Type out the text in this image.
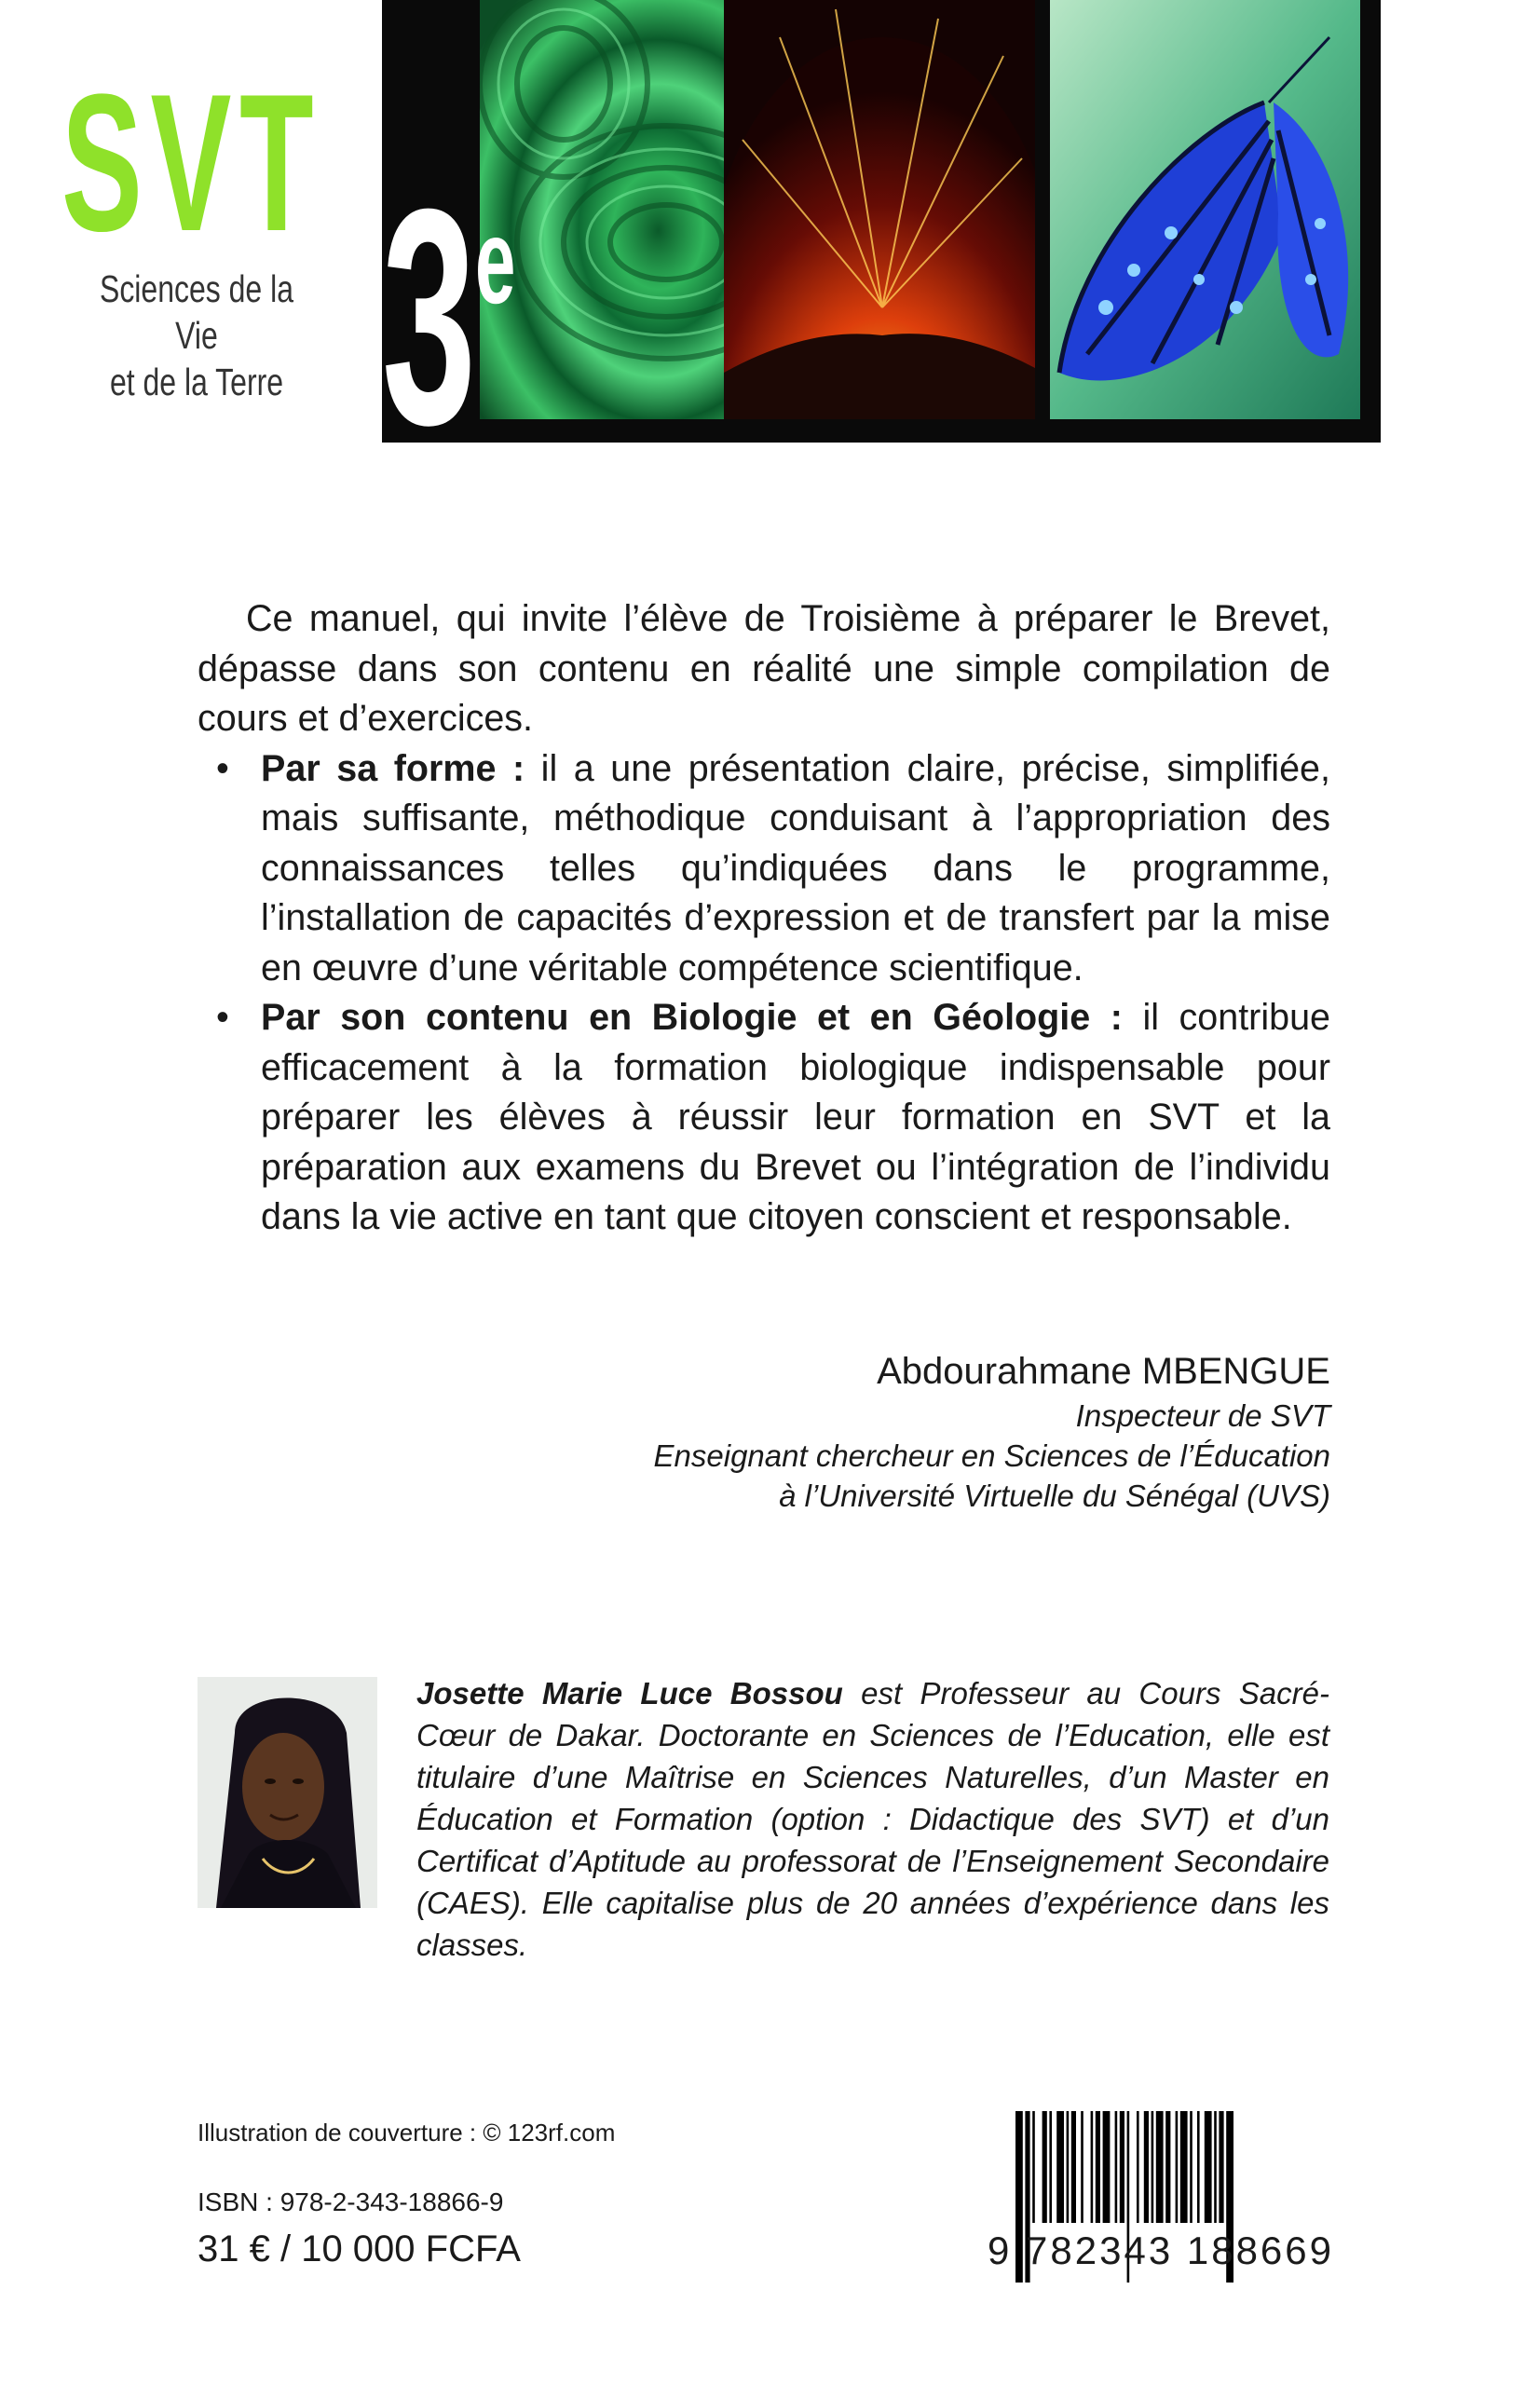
SVT
Sciences de la Vie
et de la Terre 3 e

Ce manuel, qui invite l’élève de Troisième à préparer le Brevet, dépasse dans son contenu en réalité une simple compilation de cours et d’exercices.

• Par sa forme : il a une présentation claire, précise, simplifiée, mais suffisante, méthodique conduisant à l’appropriation des connaissances telles qu’indiquées dans le programme, l’installation de capacités d’expression et de transfert par la mise en œuvre d’une véritable compétence scientifique.
• Par son contenu en Biologie et en Géologie : il contribue efficacement à la formation biologique indispensable pour préparer les élèves à réussir leur formation en SVT et la préparation aux examens du Brevet ou l’intégration de l’individu dans la vie active en tant que citoyen conscient et responsable.
Abdourahmane MBENGUE
Inspecteur de SVT
Enseignant chercheur en Sciences de l’Éducation
à l’Université Virtuelle du Sénégal (UVS)

Josette Marie Luce Bossou est Professeur au Cours Sacré-Cœur de Dakar. Doctorante en Sciences de l’Education, elle est titulaire d’une Maîtrise en Sciences Naturelles, d’un Master en Éducation et Formation (option : Didactique des SVT) et d’un Certificat d’Aptitude au professorat de l’Enseignement Secondaire (CAES). Elle capitalise plus de 20 années d’expérience dans les classes.

Illustration de couverture : © 123rf.com
ISBN : 978-2-343-18866-9
31 € / 10 000 FCFA	9 782343 188669
